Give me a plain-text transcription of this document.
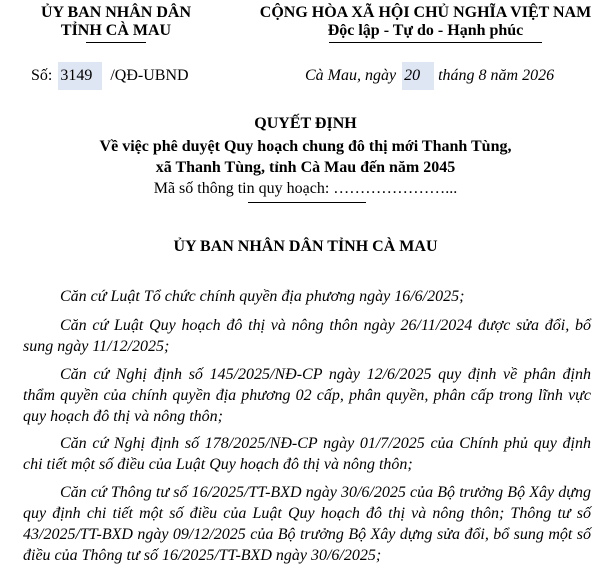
ỦY BAN NHÂN DÂN
TỈNH CÀ MAU
CỘNG HÒA XÃ HỘI CHỦ NGHĨA VIỆT NAM
Độc lập - Tự do - Hạnh phúc
Số: 3149 /QĐ-UBND	Cà Mau, ngày 20 tháng 8 năm 2026
QUYẾT ĐỊNH
Về việc phê duyệt Quy hoạch chung đô thị mới Thanh Tùng,
xã Thanh Tùng, tỉnh Cà Mau đến năm 2045
Mã số thông tin quy hoạch: …………………...
ỦY BAN NHÂN DÂN TỈNH CÀ MAU
Căn cứ Luật Tổ chức chính quyền địa phương ngày 16/6/2025;
Căn cứ Luật Quy hoạch đô thị và nông thôn ngày 26/11/2024 được sửa đổi, bổ sung ngày 11/12/2025;
Căn cứ Nghị định số 145/2025/NĐ-CP ngày 12/6/2025 quy định về phân định thẩm quyền của chính quyền địa phương 02 cấp, phân quyền, phân cấp trong lĩnh vực quy hoạch đô thị và nông thôn;
Căn cứ Nghị định số 178/2025/NĐ-CP ngày 01/7/2025 của Chính phủ quy định chi tiết một số điều của Luật Quy hoạch đô thị và nông thôn;
Căn cứ Thông tư số 16/2025/TT-BXD ngày 30/6/2025 của Bộ trưởng Bộ Xây dựng quy định chi tiết một số điều của Luật Quy hoạch đô thị và nông thôn; Thông tư số 43/2025/TT-BXD ngày 09/12/2025 của Bộ trưởng Bộ Xây dựng sửa đổi, bổ sung một số điều của Thông tư số 16/2025/TT-BXD ngày 30/6/2025;
